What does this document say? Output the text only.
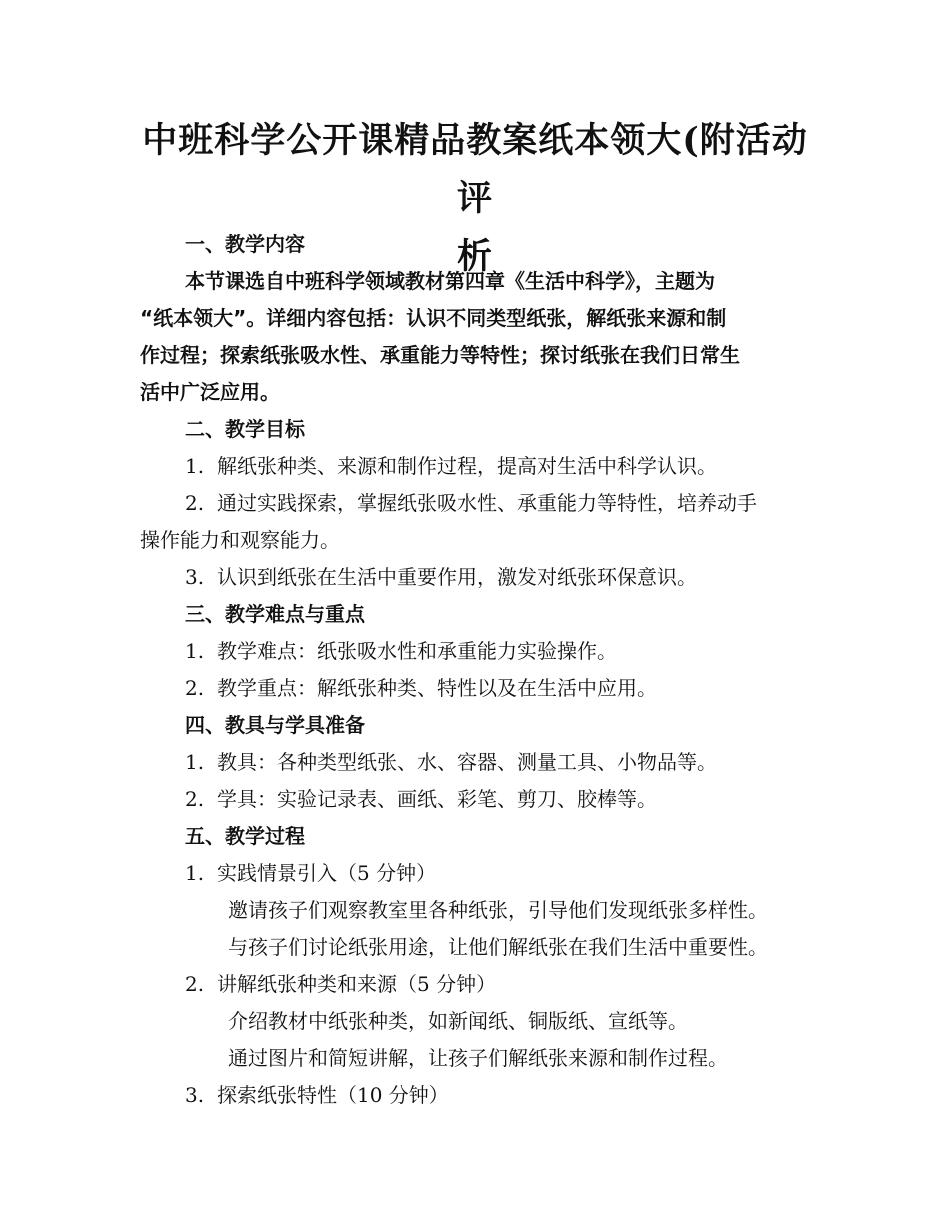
中班科学公开课精品教案纸本领大(附活动评
析
一、教学内容
本节课选自中班科学领域教材第四章《生活中科学》，主题为
“纸本领大”。详细内容包括：认识不同类型纸张，解纸张来源和制
作过程；探索纸张吸水性、承重能力等特性；探讨纸张在我们日常生
活中广泛应用。
二、教学目标
1. 解纸张种类、来源和制作过程，提高对生活中科学认识。
2. 通过实践探索，掌握纸张吸水性、承重能力等特性，培养动手
操作能力和观察能力。
3. 认识到纸张在生活中重要作用，激发对纸张环保意识。
三、教学难点与重点
1. 教学难点：纸张吸水性和承重能力实验操作。
2. 教学重点：解纸张种类、特性以及在生活中应用。
四、教具与学具准备
1. 教具：各种类型纸张、水、容器、测量工具、小物品等。
2. 学具：实验记录表、画纸、彩笔、剪刀、胶棒等。
五、教学过程
1. 实践情景引入（5 分钟）
邀请孩子们观察教室里各种纸张，引导他们发现纸张多样性。
与孩子们讨论纸张用途，让他们解纸张在我们生活中重要性。
2. 讲解纸张种类和来源（5 分钟）
介绍教材中纸张种类，如新闻纸、铜版纸、宣纸等。
通过图片和简短讲解，让孩子们解纸张来源和制作过程。
3. 探索纸张特性（10 分钟）
